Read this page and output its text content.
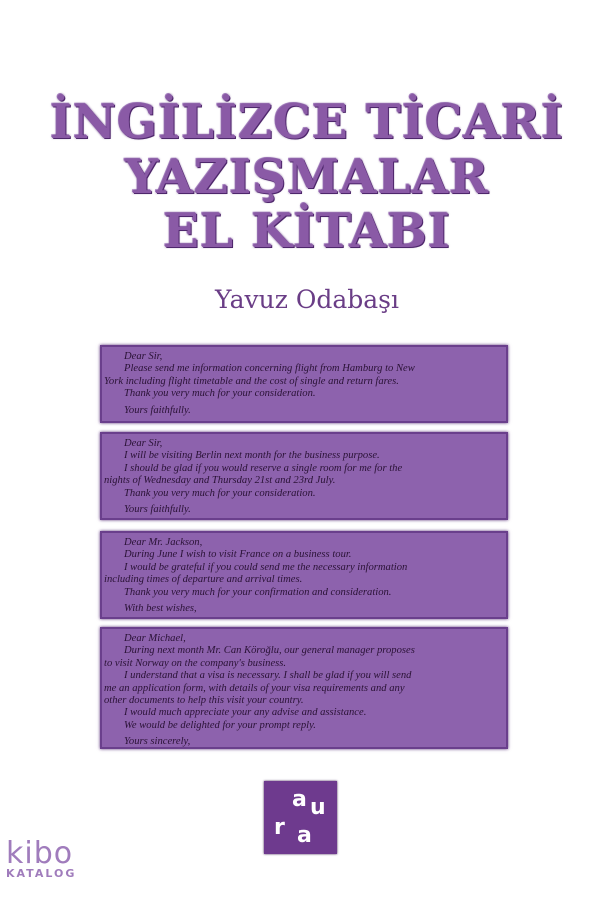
İNGİLİZCE TİCARİ
YAZIŞMALAR
EL KİTABI
Yavuz Odabaşı
Dear Sir,
Please send me information concerning flight from Hamburg to New
York including flight timetable and the cost of single and return fares.
Thank you very much for your consideration.
Yours faithfully.
Dear Sir,
I will be visiting Berlin next month for the business purpose.
I should be glad if you would reserve a single room for me for the
nights of Wednesday and Thursday 21st and 23rd July.
Thank you very much for your consideration.
Yours faithfully.
Dear Mr. Jackson,
During June I wish to visit France on a business tour.
I would be grateful if you could send me the necessary information
including times of departure and arrival times.
Thank you very much for your confirmation and consideration.
With best wishes,
Dear Michael,
During next month Mr. Can Köroğlu, our general manager proposes
to visit Norway on the company's business.
I understand that a visa is necessary. I shall be glad if you will send
me an application form, with details of your visa requirements and any
other documents to help this visit your country.
I would much appreciate your any advise and assistance.
We would be delighted for your prompt reply.
Yours sincerely,
r a
a u
kibo
KATALOG
